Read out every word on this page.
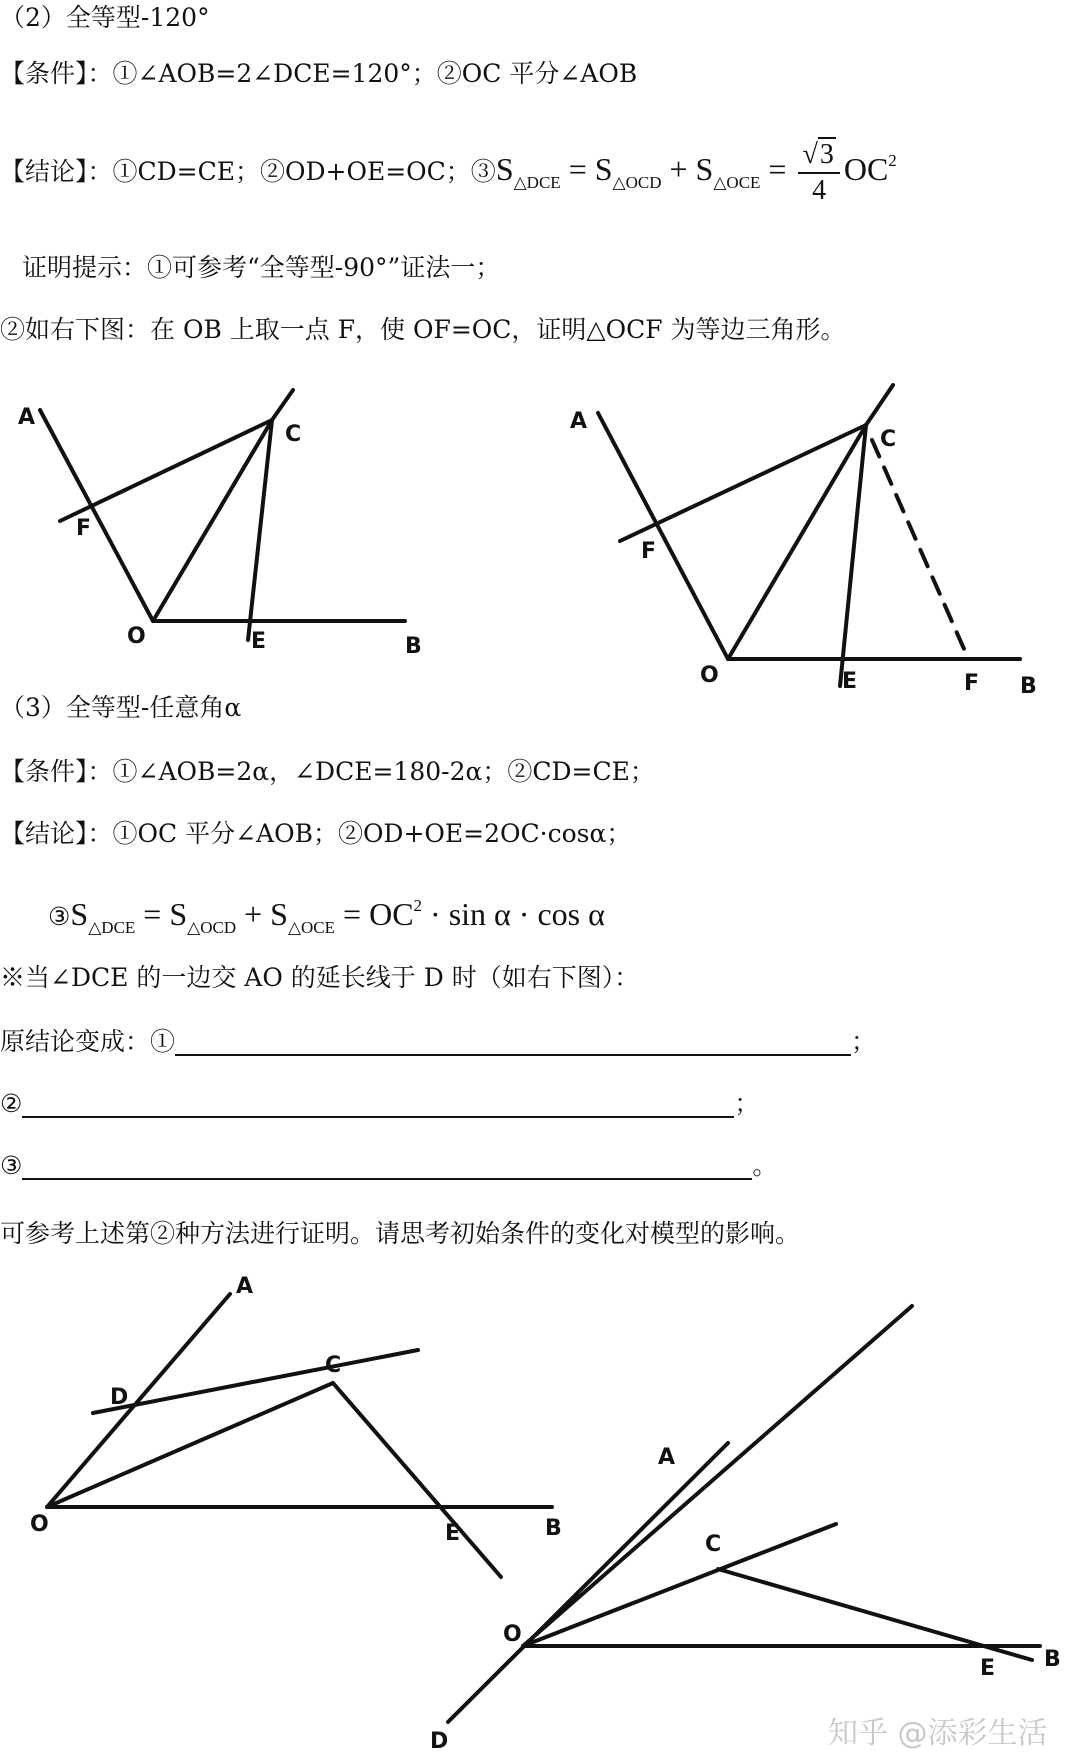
（2）全等型-120°
【条件】：①∠AOB=2∠DCE=120°；②OC 平分∠AOB
【结论】：①CD=CE；②OD+OE=OC；$③S_{\triangle DCE} = S_{\triangle OCD} + S_{\triangle OCE} = \frac{√3}{4} OC^2$
证明提示：①可参考“全等型-90°”证法一；
②如右下图：在 OB 上取一点 F，使 OF=OC，证明△OCF 为等边三角形。
（3）全等型-任意角α
【条件】：①∠AOB=2α，∠DCE=180-2α；②CD=CE；
【结论】：①OC 平分∠AOB；②OD+OE=2OC·cosα；
$③S_{\triangle DCE} = S_{\triangle OCD} + S_{\triangle OCE} = OC^2 \cdot \sin \alpha \cdot \cos \alpha$
※当∠DCE 的一边交 AO 的延长线于 D 时（如右下图）：
原结论变成：①	；
②	；
③	。
可参考上述第②种方法进行证明。请思考初始条件的变化对模型的影响。
A
C
F
O	E	B
A
C
F
O	E	F B
A
C
D
O	E	B
A
C
O
E B
D	知乎 @添彩生活
